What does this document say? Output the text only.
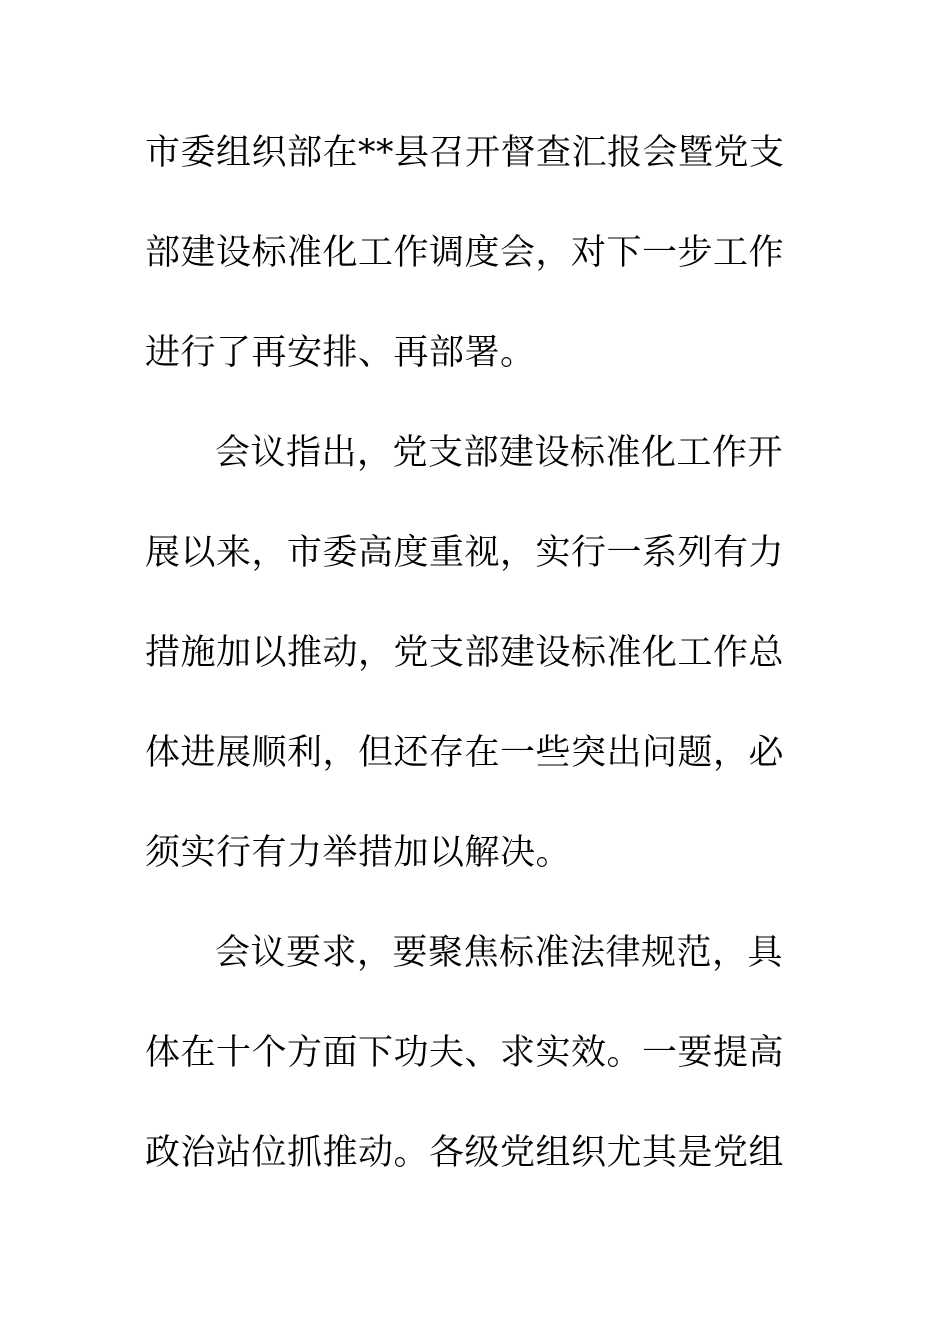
市委组织部在**县召开督查汇报会暨党支
部建设标准化工作调度会，对下一步工作
进行了再安排、再部署。
会议指出，党支部建设标准化工作开
展以来，市委高度重视，实行一系列有力
措施加以推动，党支部建设标准化工作总
体进展顺利，但还存在一些突出问题，必
须实行有力举措加以解决。
会议要求，要聚焦标准法律规范，具
体在十个方面下功夫、求实效。一要提高
政治站位抓推动。各级党组织尤其是党组
